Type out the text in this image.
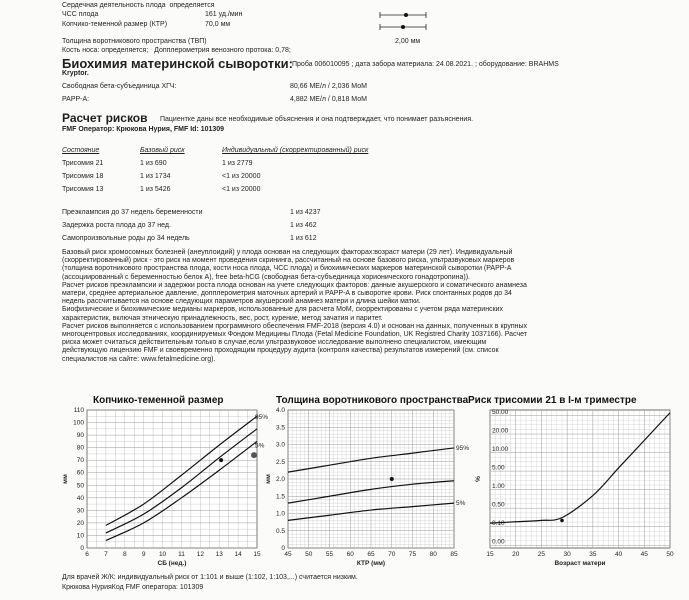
Сердечная деятельность плода определяется
ЧСС плода	161 уд./мин
Копчико-теменной размер (КТР)	70,0 мм
Толщина воротникового пространства (ТВП)	2,00 мм
Кость носа: определяется; Допплерометрия венозного протока: 0,78;
Биохимия материнской сыворотки: Проба 006010095 ; дата забора материала: 24.08.2021. ; оборудование: BRAHMS
Kryptor.
Свободная бета-субъединица ХГЧ:	80,66 МЕ/л / 2,036 МоМ
PAPP-A:	4,882 МЕ/л / 0,818 МоМ
Расчет рисков Пациентке даны все необходимые объяснения и она подтверждает, что понимает разъяснения.
FMF Оператор: Крюкова Нурия, FMF Id: 101309
Состояние	Базовый риск	Индивидуальный (скорректированный) риск
Трисомия 21	1 из 690	1 из 2779
Трисомия 18	1 из 1734	<1 из 20000
Трисомия 13	1 из 5426	<1 из 20000
Преэклампсия до 37 недель беременности	1 из 4237
Задержка роста плода до 37 нед.	1 из 462
Самопроизвольные роды до 34 недель	1 из 612

Базовый риск хромосомных болезней (анеуплоидий) у плода основан на следующих факторах:возраст матери (29 лет). Индивидуальный

(скорректированный) риск - это риск на момент проведения скрининга, рассчитанный на основе базового риска, ультразвуковых маркеров

(толщина воротникового пространства плода, кости носа плода, ЧСС плода) и биохимических маркеров материнской сыворотки (PAPP-A

(ассоциированный с беременностью белок A), free beta-hCG (свободная бета-субъединица хорионического гонадотропина)).

Расчет рисков преэклампсии и задержки роста плода основан на учете следующих факторов: данные акушерского и соматического анамнеза

матери, среднее артериальное давление, допплерометрия маточных артерий и PAPP-A в сыворотке крови. Риск спонтанных родов до 34

недель рассчитывается на основе следующих параметров акушерский анамнез матери и длина шейки матки.

Биофизические и биохимические медианы маркеров, использованные для расчета МоМ, скорректированы с учетом ряда материнских

характеристик, включая этническую принадлежность, вес, рост, курение, метод зачатия и паритет.

Расчет рисков выполняется с использованием программного обеспечения FMF-2018 (версия 4.0) и основан на данных, полученных в крупных

многоцентровых исследованиях, координируемых Фондом Медицины Плода (Fetal Medicine Foundation, UK Registred Charity 1037166). Расчет

риска может считаться действительным только в случае,если ультразвуковое исследование выполнено специалистом, имеющим

действующую лицензию FMF и своевременно проходящим процедуру аудита (контроля качества) результатов измерений (см. список

специалистов на сайте: www.fetalmedicine.org).

Копчико-теменной размер
0
10
20
30
40
50
60
70
80
90
100
110
6 7 8 9 10 11 12 13 14 15
СБ (нед.)
мм
95%
5%
Толщина воротникового пространства
0
0.5
1.0
1.5
2.0
2.5
3.0
3.5
4.0
45 50 55 60 65 70 75 80 85
КТР (мм)
мм
95%
5%
Риск трисомии 21 в I-м триместре
0.00
0.10
0.50
1.00
5.00
10.00
20.00
50.00
15	20	25	30	35	40	45	50
Возраст матери
%
Для врачей Ж/К: индивидуальный риск от 1:101 и выше (1:102, 1:103,...) считается низким.
Крюкова НурияКод FMF оператора: 101309
